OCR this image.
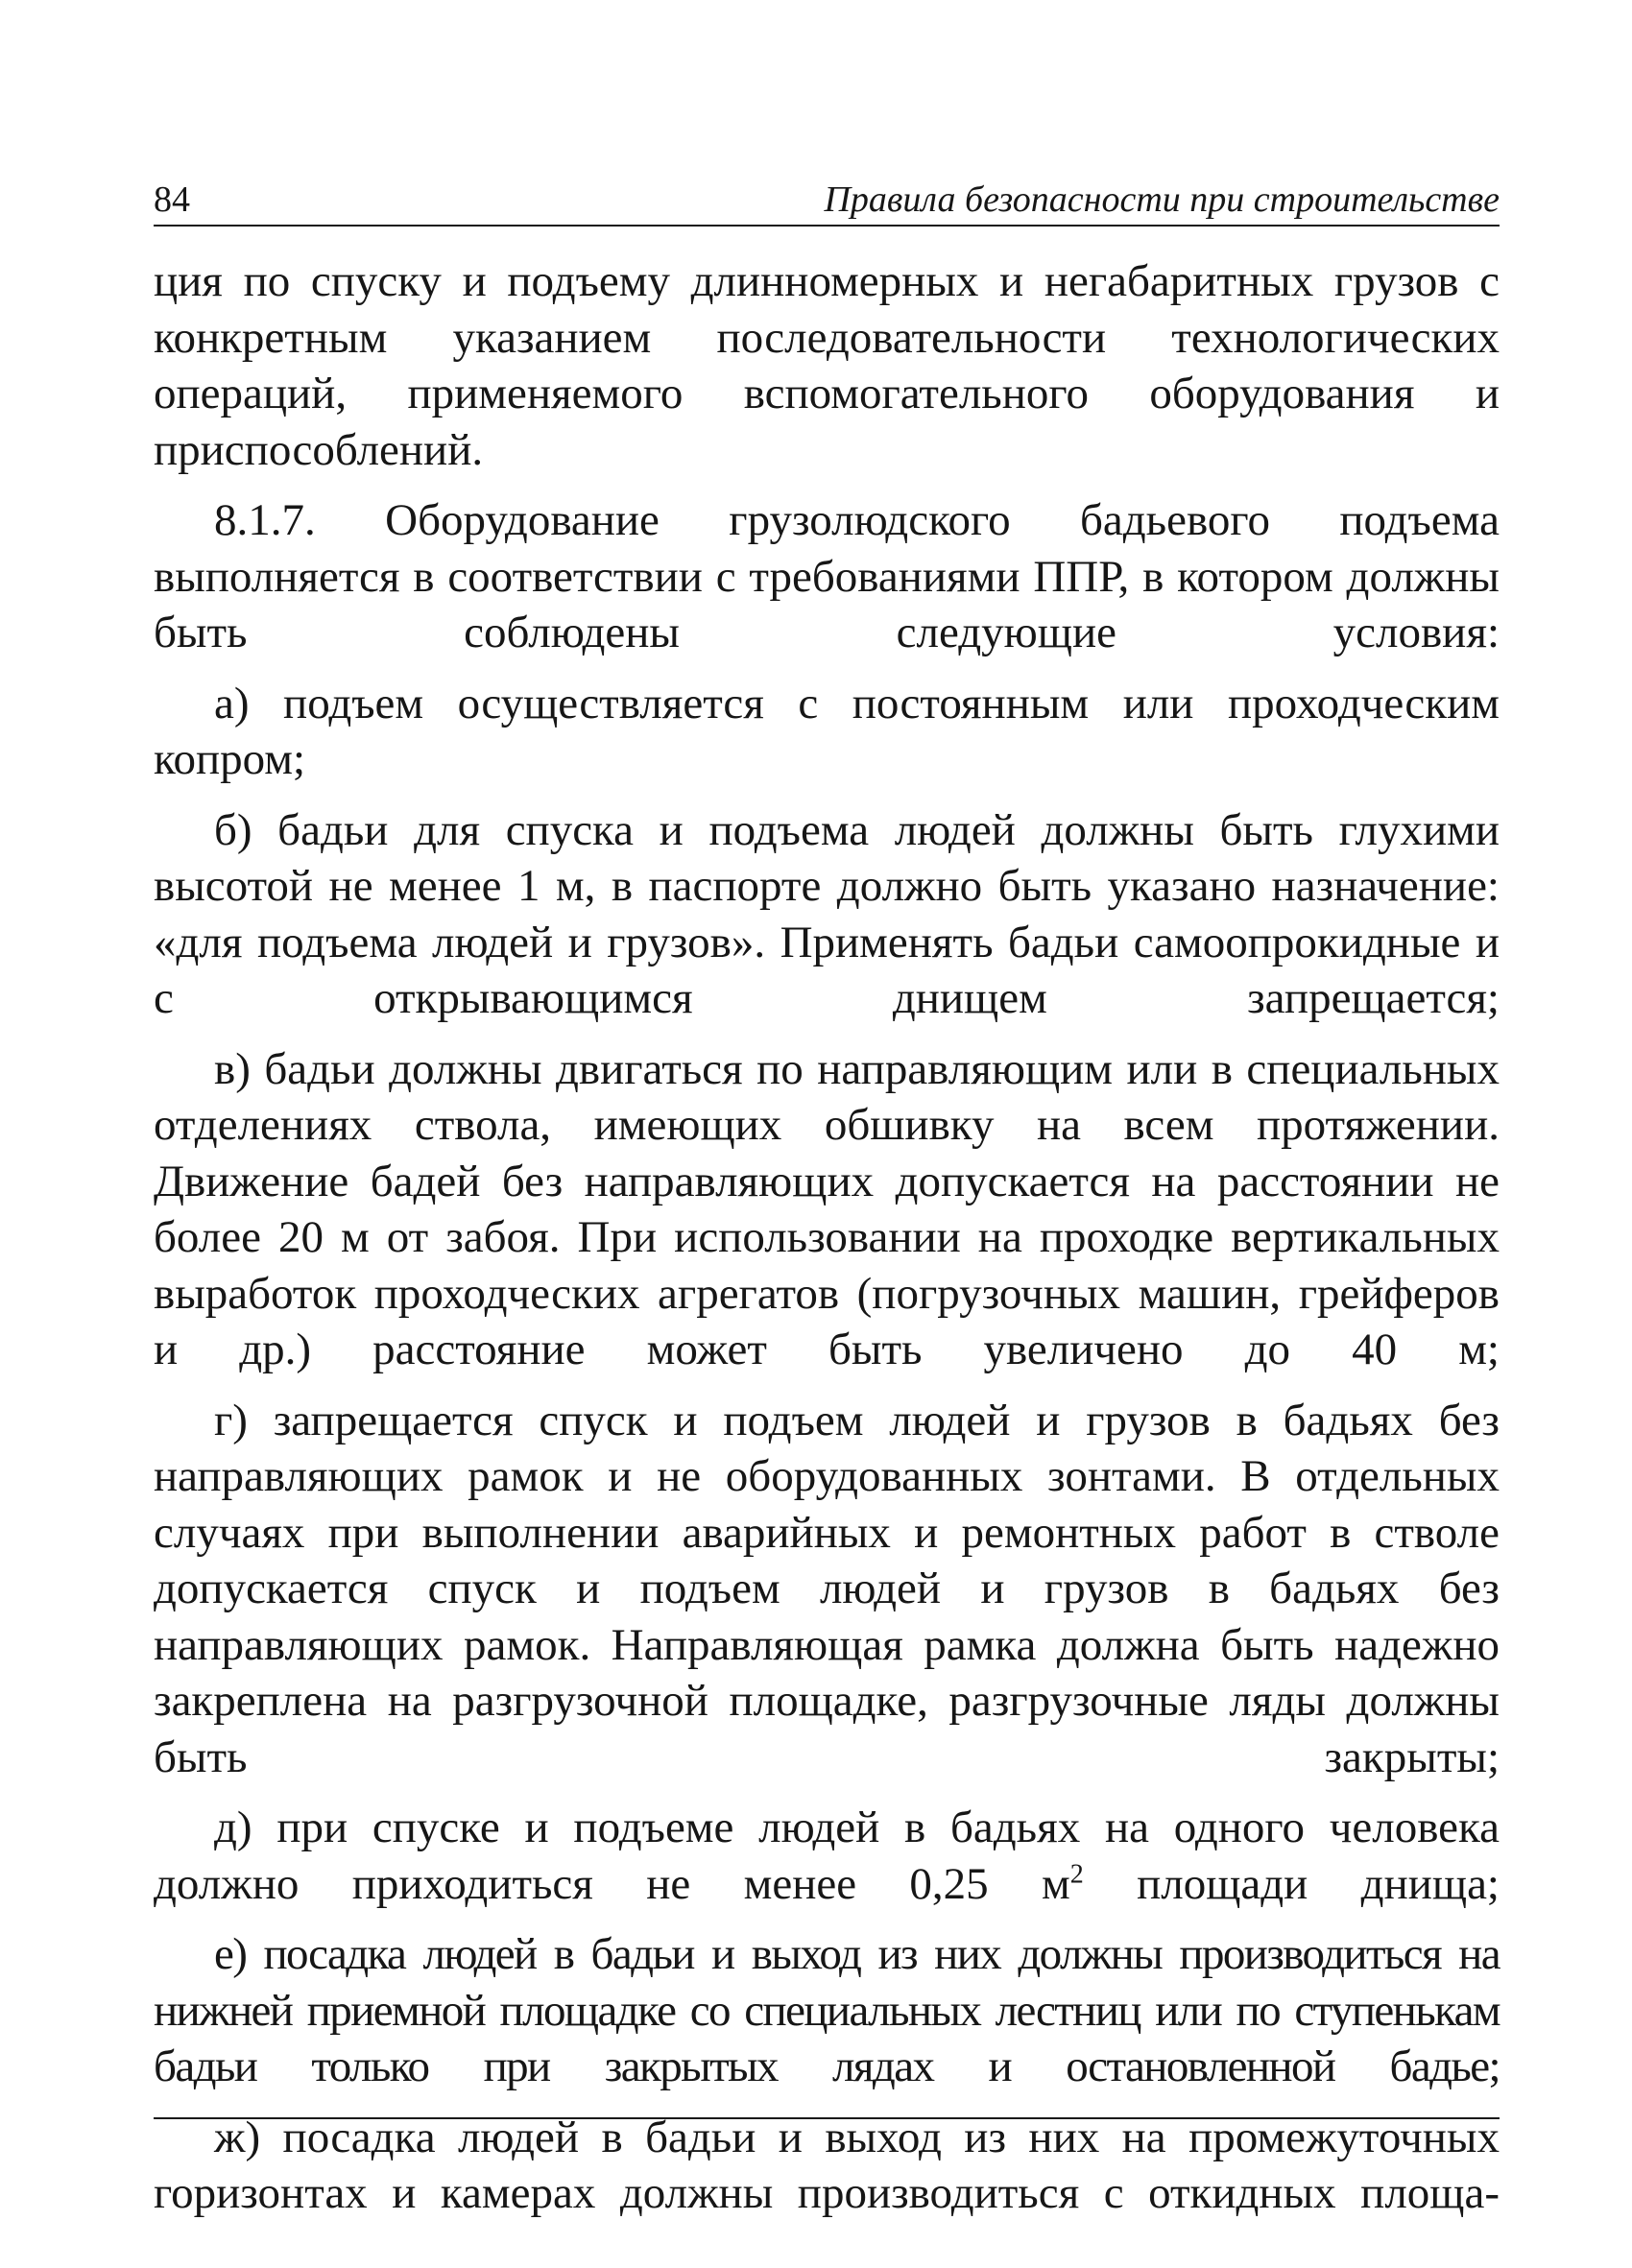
84	Правила безопасности при строительстве

ция по спуску и подъему длинномерных и негабаритных грузов с конкретным указанием последовательности технологических операций, применяемого вспомогательного оборудования и приспособлений.

8.1.7. Оборудование грузолюдского бадьевого подъема выполняется в соответствии с требованиями ППР, в котором должны быть соблюдены следующие условия:

а) подъем осуществляется с постоянным или проходческим копром;

б) бадьи для спуска и подъема людей должны быть глухими высотой не менее 1 м, в паспорте должно быть указано назначение: «для подъема людей и грузов». Применять бадьи самоопрокидные и с открывающимся днищем запрещается;

в) бадьи должны двигаться по направляющим или в специальных отделениях ствола, имеющих обшивку на всем протяжении. Движение бадей без направляющих допускается на расстоянии не более 20 м от забоя. При использовании на проходке вертикальных выработок проходческих агрегатов (погрузочных машин, грейферов и др.) расстояние может быть увеличено до 40 м;

г) запрещается спуск и подъем людей и грузов в бадьях без направляющих рамок и не оборудованных зонтами. В отдельных случаях при выполнении аварийных и ремонтных работ в стволе допускается спуск и подъем людей и грузов в бадьях без направляющих рамок. Направляющая рамка должна быть надежно закреплена на разгрузочной площадке, разгрузочные ляды должны быть закрыты;

д) при спуске и подъеме людей в бадьях на одного человека должно приходиться не менее 0,25 $м^2$ площади днища;

е) посадка людей в бадьи и выход из них должны производиться на нижней приемной площадке со специальных лестниц или по ступенькам бадьи только при закрытых лядах и остановленной бадье;

ж) посадка людей в бадьи и выход из них на промежуточных горизонтах и камерах должны производиться с откидных площа-
